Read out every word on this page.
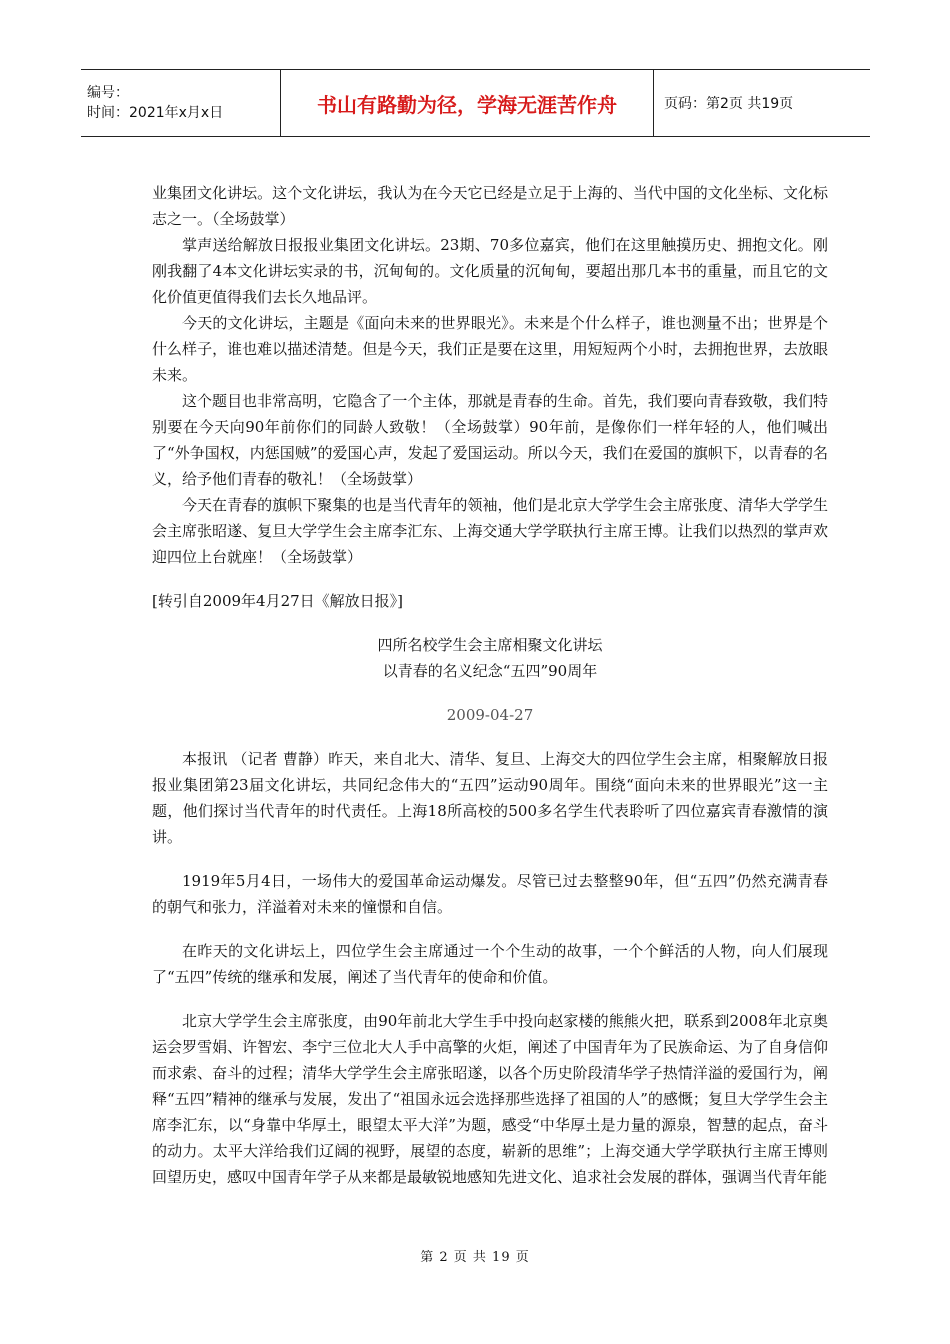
编号：
时间：2021年x月x日	书山有路勤为径，学海无涯苦作舟	页码：第2页 共19页

业集团文化讲坛。这个文化讲坛，我认为在今天它已经是立足于上海的、当代中国的文化坐标、文化标志之一。（全场鼓掌）

掌声送给解放日报报业集团文化讲坛。23期、70多位嘉宾，他们在这里触摸历史、拥抱文化。刚刚我翻了4本文化讲坛实录的书，沉甸甸的。文化质量的沉甸甸，要超出那几本书的重量，而且它的文化价值更值得我们去长久地品评。

今天的文化讲坛，主题是《面向未来的世界眼光》。未来是个什么样子，谁也测量不出；世界是个什么样子，谁也难以描述清楚。但是今天，我们正是要在这里，用短短两个小时，去拥抱世界，去放眼未来。

这个题目也非常高明，它隐含了一个主体，那就是青春的生命。首先，我们要向青春致敬，我们特别要在今天向90年前你们的同龄人致敬！（全场鼓掌）90年前，是像你们一样年轻的人，他们喊出了“外争国权，内惩国贼”的爱国心声，发起了爱国运动。所以今天，我们在爱国的旗帜下，以青春的名义，给予他们青春的敬礼！（全场鼓掌）

今天在青春的旗帜下聚集的也是当代青年的领袖，他们是北京大学学生会主席张度、清华大学学生会主席张昭遂、复旦大学学生会主席李汇东、上海交通大学学联执行主席王博。让我们以热烈的掌声欢迎四位上台就座！（全场鼓掌）

[转引自2009年4月27日《解放日报》]

四所名校学生会主席相聚文化讲坛

以青春的名义纪念“五四”90周年

2009-04-27

本报讯 （记者 曹静）昨天，来自北大、清华、复旦、上海交大的四位学生会主席，相聚解放日报报业集团第23届文化讲坛，共同纪念伟大的“五四”运动90周年。围绕“面向未来的世界眼光”这一主题，他们探讨当代青年的时代责任。上海18所高校的500多名学生代表聆听了四位嘉宾青春激情的演讲。

1919年5月4日，一场伟大的爱国革命运动爆发。尽管已过去整整90年，但“五四”仍然充满青春的朝气和张力，洋溢着对未来的憧憬和自信。

在昨天的文化讲坛上，四位学生会主席通过一个个生动的故事，一个个鲜活的人物，向人们展现了“五四”传统的继承和发展，阐述了当代青年的使命和价值。

北京大学学生会主席张度，由90年前北大学生手中投向赵家楼的熊熊火把，联系到2008年北京奥运会罗雪娟、许智宏、李宁三位北大人手中高擎的火炬，阐述了中国青年为了民族命运、为了自身信仰而求索、奋斗的过程；清华大学学生会主席张昭遂，以各个历史阶段清华学子热情洋溢的爱国行为，阐释“五四”精神的继承与发展，发出了“祖国永远会选择那些选择了祖国的人”的感慨；复旦大学学生会主席李汇东，以“身靠中华厚土，眼望太平大洋”为题，感受“中华厚土是力量的源泉，智慧的起点，奋斗的动力。太平大洋给我们辽阔的视野，展望的态度，崭新的思维”；上海交通大学学联执行主席王博则回望历史，感叹中国青年学子从来都是最敏锐地感知先进文化、追求社会发展的群体，强调当代青年能

第 2 页 共 19 页
